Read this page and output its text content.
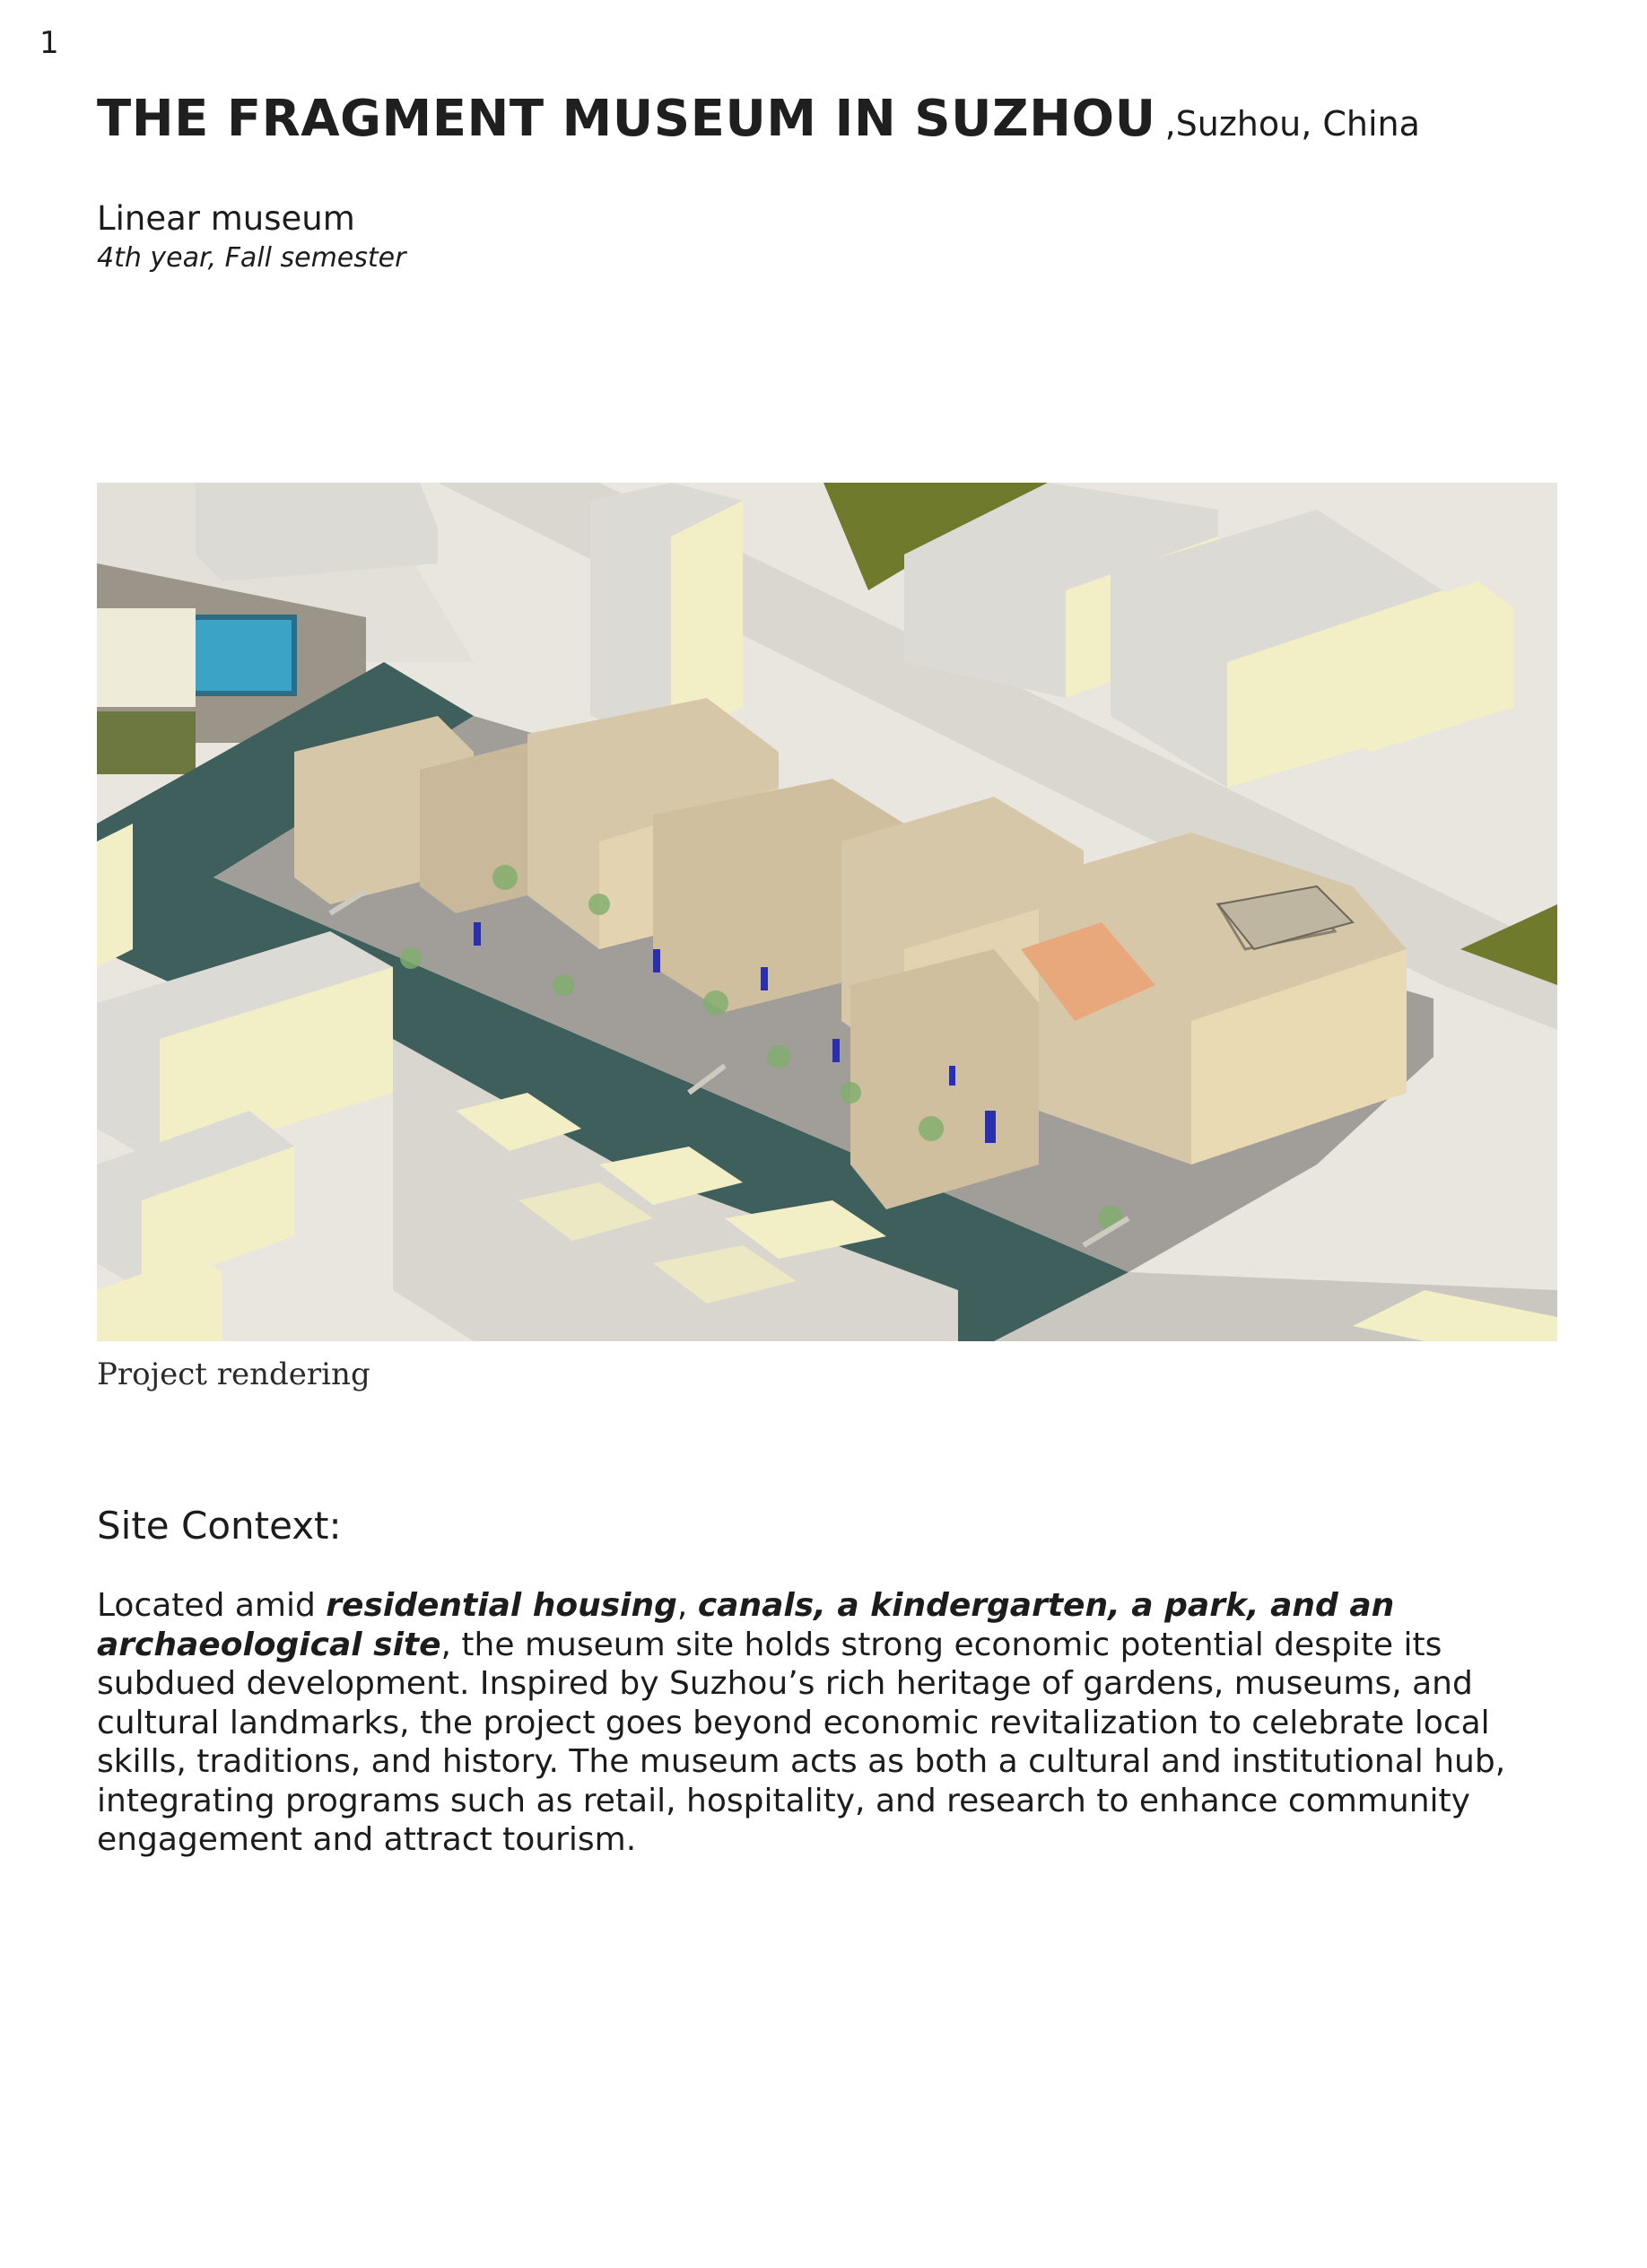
1
THE FRAGMENT MUSEUM IN SUZHOU ,Suzhou, China
Linear museum
4th year, Fall semester
Project rendering
Site Context:
Located amid residential housing, canals, a kindergarten, a park, and an archaeological site, the museum site holds strong economic potential despite its subdued development. Inspired by Suzhou’s rich heritage of gardens, museums, and cultural landmarks, the project goes beyond economic revitalization to celebrate local skills, traditions, and history. The museum acts as both a cultural and institutional hub, integrating programs such as retail, hospitality, and research to enhance community engagement and attract tourism.
